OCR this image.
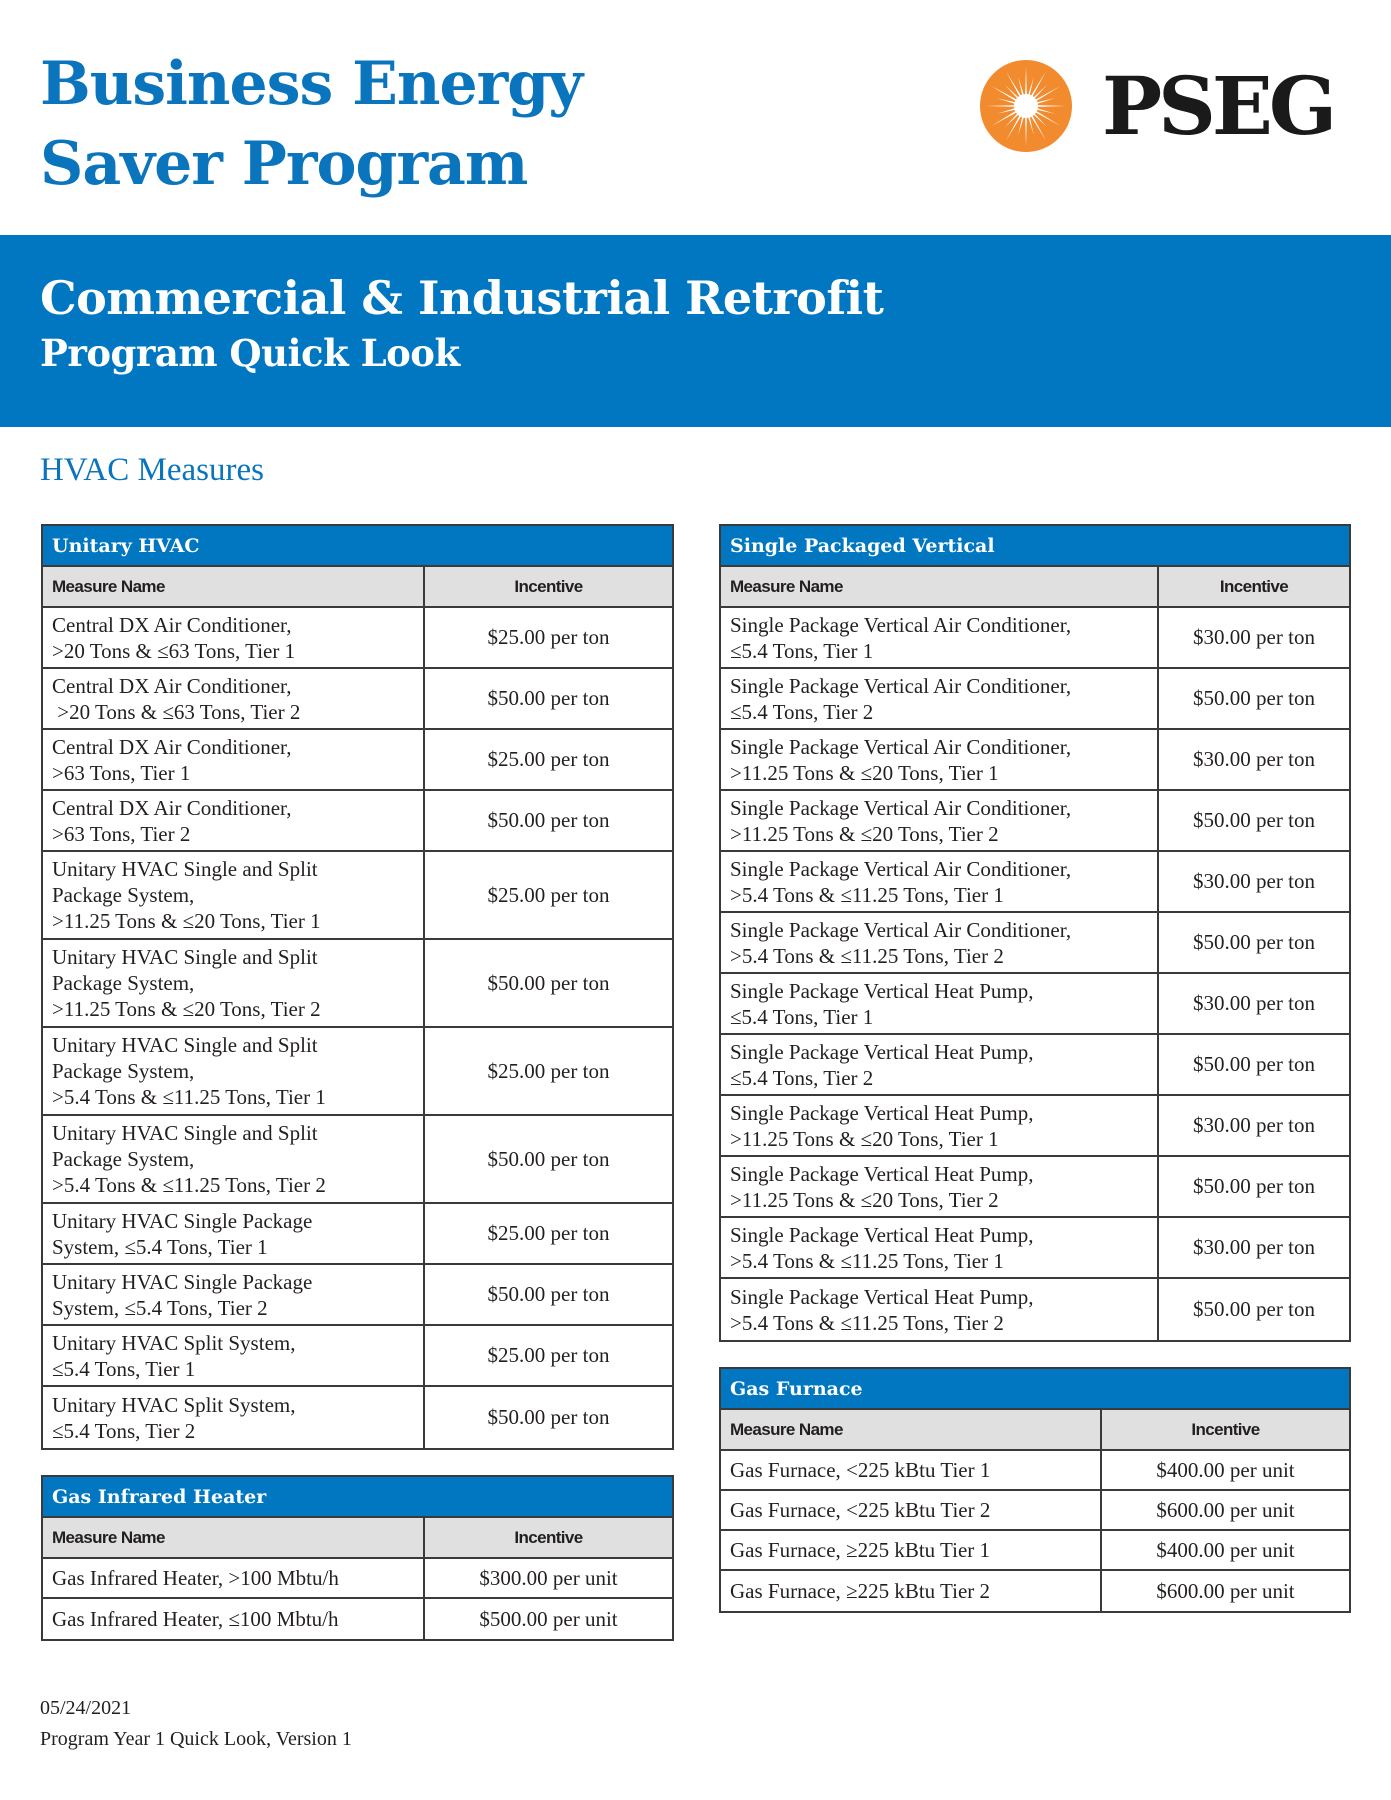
Business Energy
Saver Program
PSEG
Commercial & Industrial Retrofit
Program Quick Look
HVAC Measures
Unitary HVAC
Measure Name	Incentive
Central DX Air Conditioner,
>20 Tons & ≤63 Tons, Tier 1
$25.00 per ton
Central DX Air Conditioner,
>20 Tons & ≤63 Tons, Tier 2
$50.00 per ton
Central DX Air Conditioner,
>63 Tons, Tier 1
$25.00 per ton
Central DX Air Conditioner,
>63 Tons, Tier 2
$50.00 per ton
Unitary HVAC Single and Split
Package System,
>11.25 Tons & ≤20 Tons, Tier 1
$25.00 per ton
Unitary HVAC Single and Split
Package System,
>11.25 Tons & ≤20 Tons, Tier 2
$50.00 per ton
Unitary HVAC Single and Split
Package System,
>5.4 Tons & ≤11.25 Tons, Tier 1
$25.00 per ton
Unitary HVAC Single and Split
Package System,
>5.4 Tons & ≤11.25 Tons, Tier 2
$50.00 per ton
Unitary HVAC Single Package
System, ≤5.4 Tons, Tier 1
$25.00 per ton
Unitary HVAC Single Package
System, ≤5.4 Tons, Tier 2
$50.00 per ton
Unitary HVAC Split System,
≤5.4 Tons, Tier 1
$25.00 per ton
Unitary HVAC Split System,
≤5.4 Tons, Tier 2
$50.00 per ton
Gas Infrared Heater
Measure Name	Incentive
Gas Infrared Heater, >100 Mbtu/h	$300.00 per unit
Gas Infrared Heater, ≤100 Mbtu/h	$500.00 per unit
Single Packaged Vertical
Measure Name	Incentive
Single Package Vertical Air Conditioner,
≤5.4 Tons, Tier 1
$30.00 per ton
Single Package Vertical Air Conditioner,
≤5.4 Tons, Tier 2
$50.00 per ton
Single Package Vertical Air Conditioner,
>11.25 Tons & ≤20 Tons, Tier 1
$30.00 per ton
Single Package Vertical Air Conditioner,
>11.25 Tons & ≤20 Tons, Tier 2
$50.00 per ton
Single Package Vertical Air Conditioner,
>5.4 Tons & ≤11.25 Tons, Tier 1
$30.00 per ton
Single Package Vertical Air Conditioner,
>5.4 Tons & ≤11.25 Tons, Tier 2
$50.00 per ton
Single Package Vertical Heat Pump,
≤5.4 Tons, Tier 1
$30.00 per ton
Single Package Vertical Heat Pump,
≤5.4 Tons, Tier 2
$50.00 per ton
Single Package Vertical Heat Pump,
>11.25 Tons & ≤20 Tons, Tier 1
$30.00 per ton
Single Package Vertical Heat Pump,
>11.25 Tons & ≤20 Tons, Tier 2
$50.00 per ton
Single Package Vertical Heat Pump,
>5.4 Tons & ≤11.25 Tons, Tier 1
$30.00 per ton
Single Package Vertical Heat Pump,
>5.4 Tons & ≤11.25 Tons, Tier 2
$50.00 per ton
Gas Furnace
Measure Name	Incentive
Gas Furnace, <225 kBtu Tier 1	$400.00 per unit
Gas Furnace, <225 kBtu Tier 2	$600.00 per unit
Gas Furnace, ≥225 kBtu Tier 1	$400.00 per unit
Gas Furnace, ≥225 kBtu Tier 2	$600.00 per unit
05/24/2021
Program Year 1 Quick Look, Version 1
